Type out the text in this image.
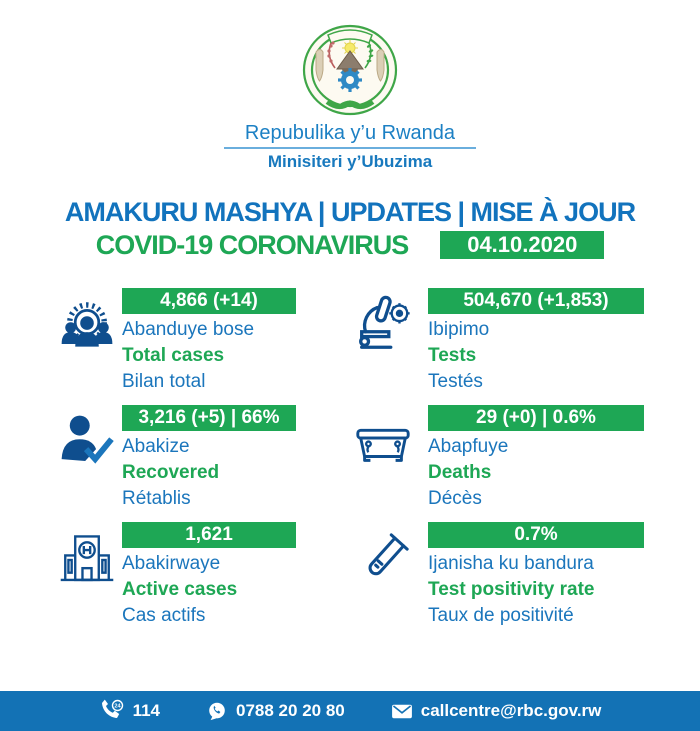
Repubulika y’u Rwanda
Minisiteri y’Ubuzima
AMAKURU MASHYA | UPDATES | MISE À JOUR
COVID-19 CORONAVIRUS	04.10.2020
4,866 (+14)
Abanduye bose
Total cases
Bilan total
504,670 (+1,853)
Ibipimo
Tests
Testés
3,216 (+5) | 66%
Abakize
Recovered
Rétablis
29 (+0) | 0.6%
Abapfuye
Deaths
Décès
1,621
Abakirwaye
Active cases
Cas actifs
0.7%
Ijanisha ku bandura
Test positivity rate
Taux de positivité
24 114	0788 20 20 80	callcentre@rbc.gov.rw
